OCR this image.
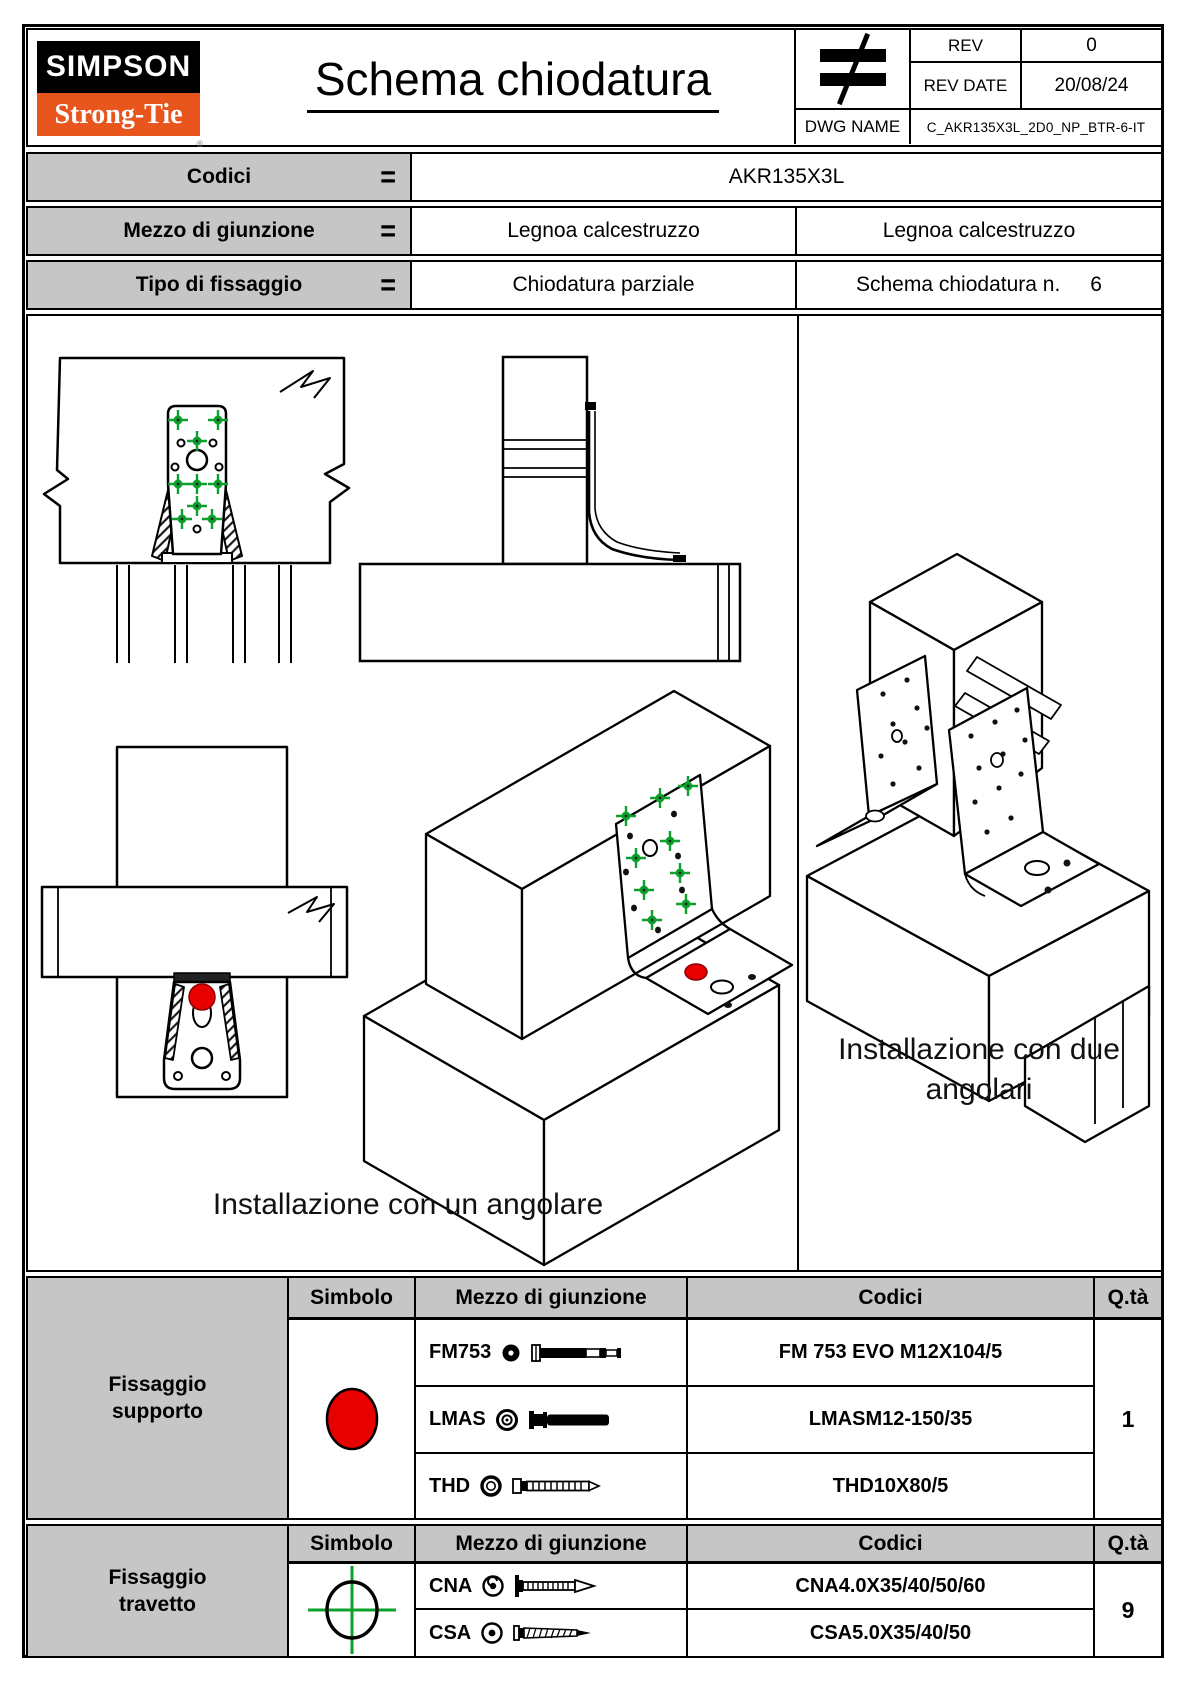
SIMPSON
Strong-Tie
®
Schema chiodatura
REV	0
REV DATE	20/08/24
DWG NAME	C_AKR135X3L_2D0_NP_BTR-6-IT
Codici	=	AKR135X3L
Mezzo di giunzione =	Legnoa calcestruzzo	Legnoa calcestruzzo
Tipo di fissaggio	=	Chiodatura parziale	Schema chiodatura n. 6
Installazione con un angolare
Installazione con due
angolari
Fissaggio
supporto
Simbolo	Mezzo di giunzione	Codici	Q.tà
FM753	FM 753 EVO M12X104/5
1
LMAS	LMASM12-150/35
THD	THD10X80/5
Fissaggio
travetto
Simbolo	Mezzo di giunzione	Codici	Q.tà
CNA	CNA4.0X35/40/50/60
9
CSA	CSA5.0X35/40/50
